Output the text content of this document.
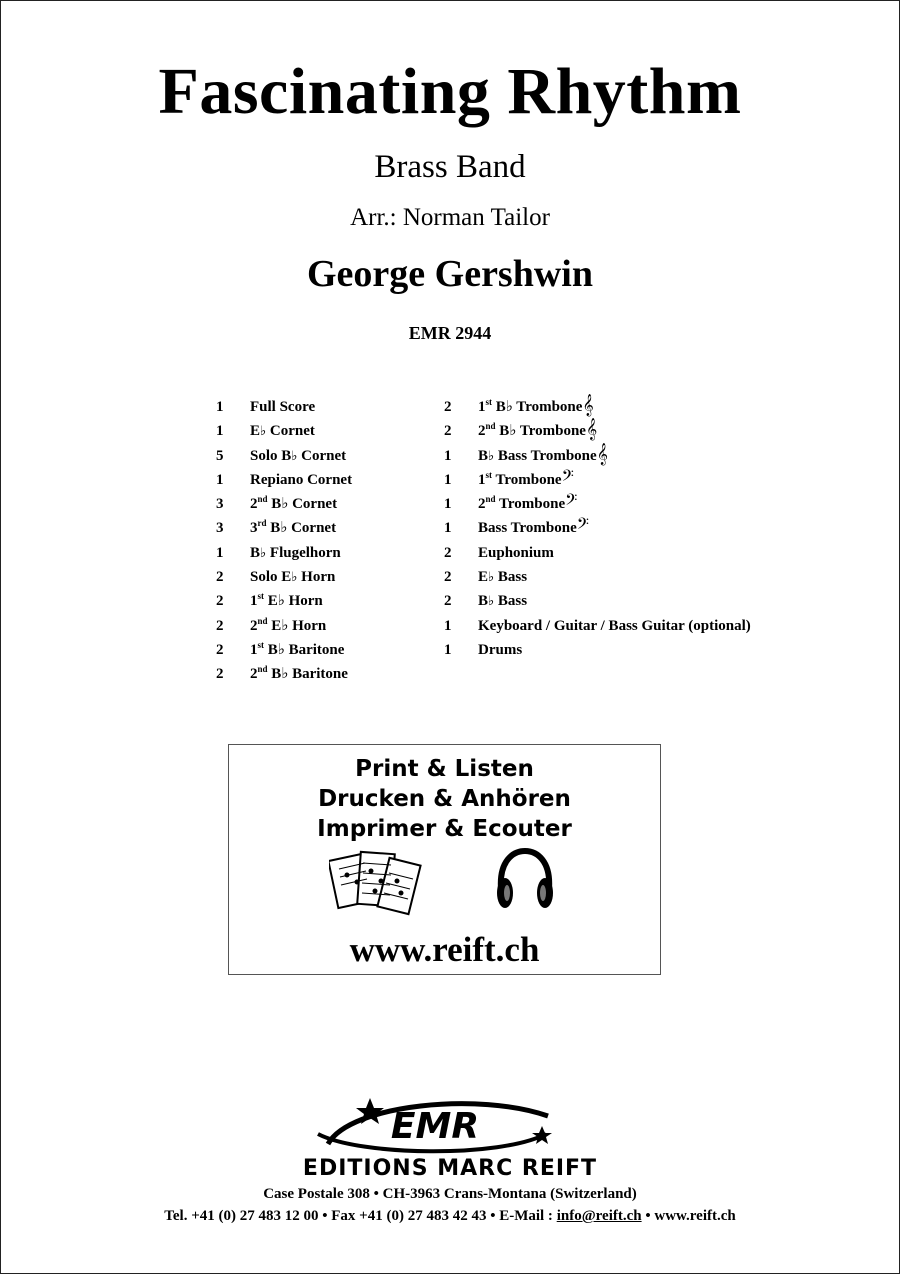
Fascinating Rhythm
Brass Band
Arr.: Norman Tailor
George Gershwin
EMR 2944
1	Full Score
1	E♭ Cornet
5	Solo B♭ Cornet
1	Repiano Cornet
3	2nd B♭ Cornet
3	3rd B♭ Cornet
1	B♭ Flugelhorn
2	Solo E♭ Horn
2	1st E♭ Horn
2	2nd E♭ Horn
2	1st B♭ Baritone
2	2nd B♭ Baritone
2	1st B♭ Trombone𝄞
2	2nd B♭ Trombone𝄞
1	B♭ Bass Trombone𝄞
1	1st Trombone𝄢
1	2nd Trombone𝄢
1	Bass Trombone𝄢
2	Euphonium
2	E♭ Bass
2	B♭ Bass
1	Keyboard / Guitar / Bass Guitar (optional)
1	Drums
Print & Listen
Drucken & Anhören
Imprimer & Ecouter
www.reift.ch
EMR
EDITIONS MARC REIFT
Case Postale 308 • CH-3963 Crans-Montana (Switzerland)
Tel. +41 (0) 27 483 12 00 • Fax +41 (0) 27 483 42 43 • E-Mail : info@reift.ch • www.reift.ch
